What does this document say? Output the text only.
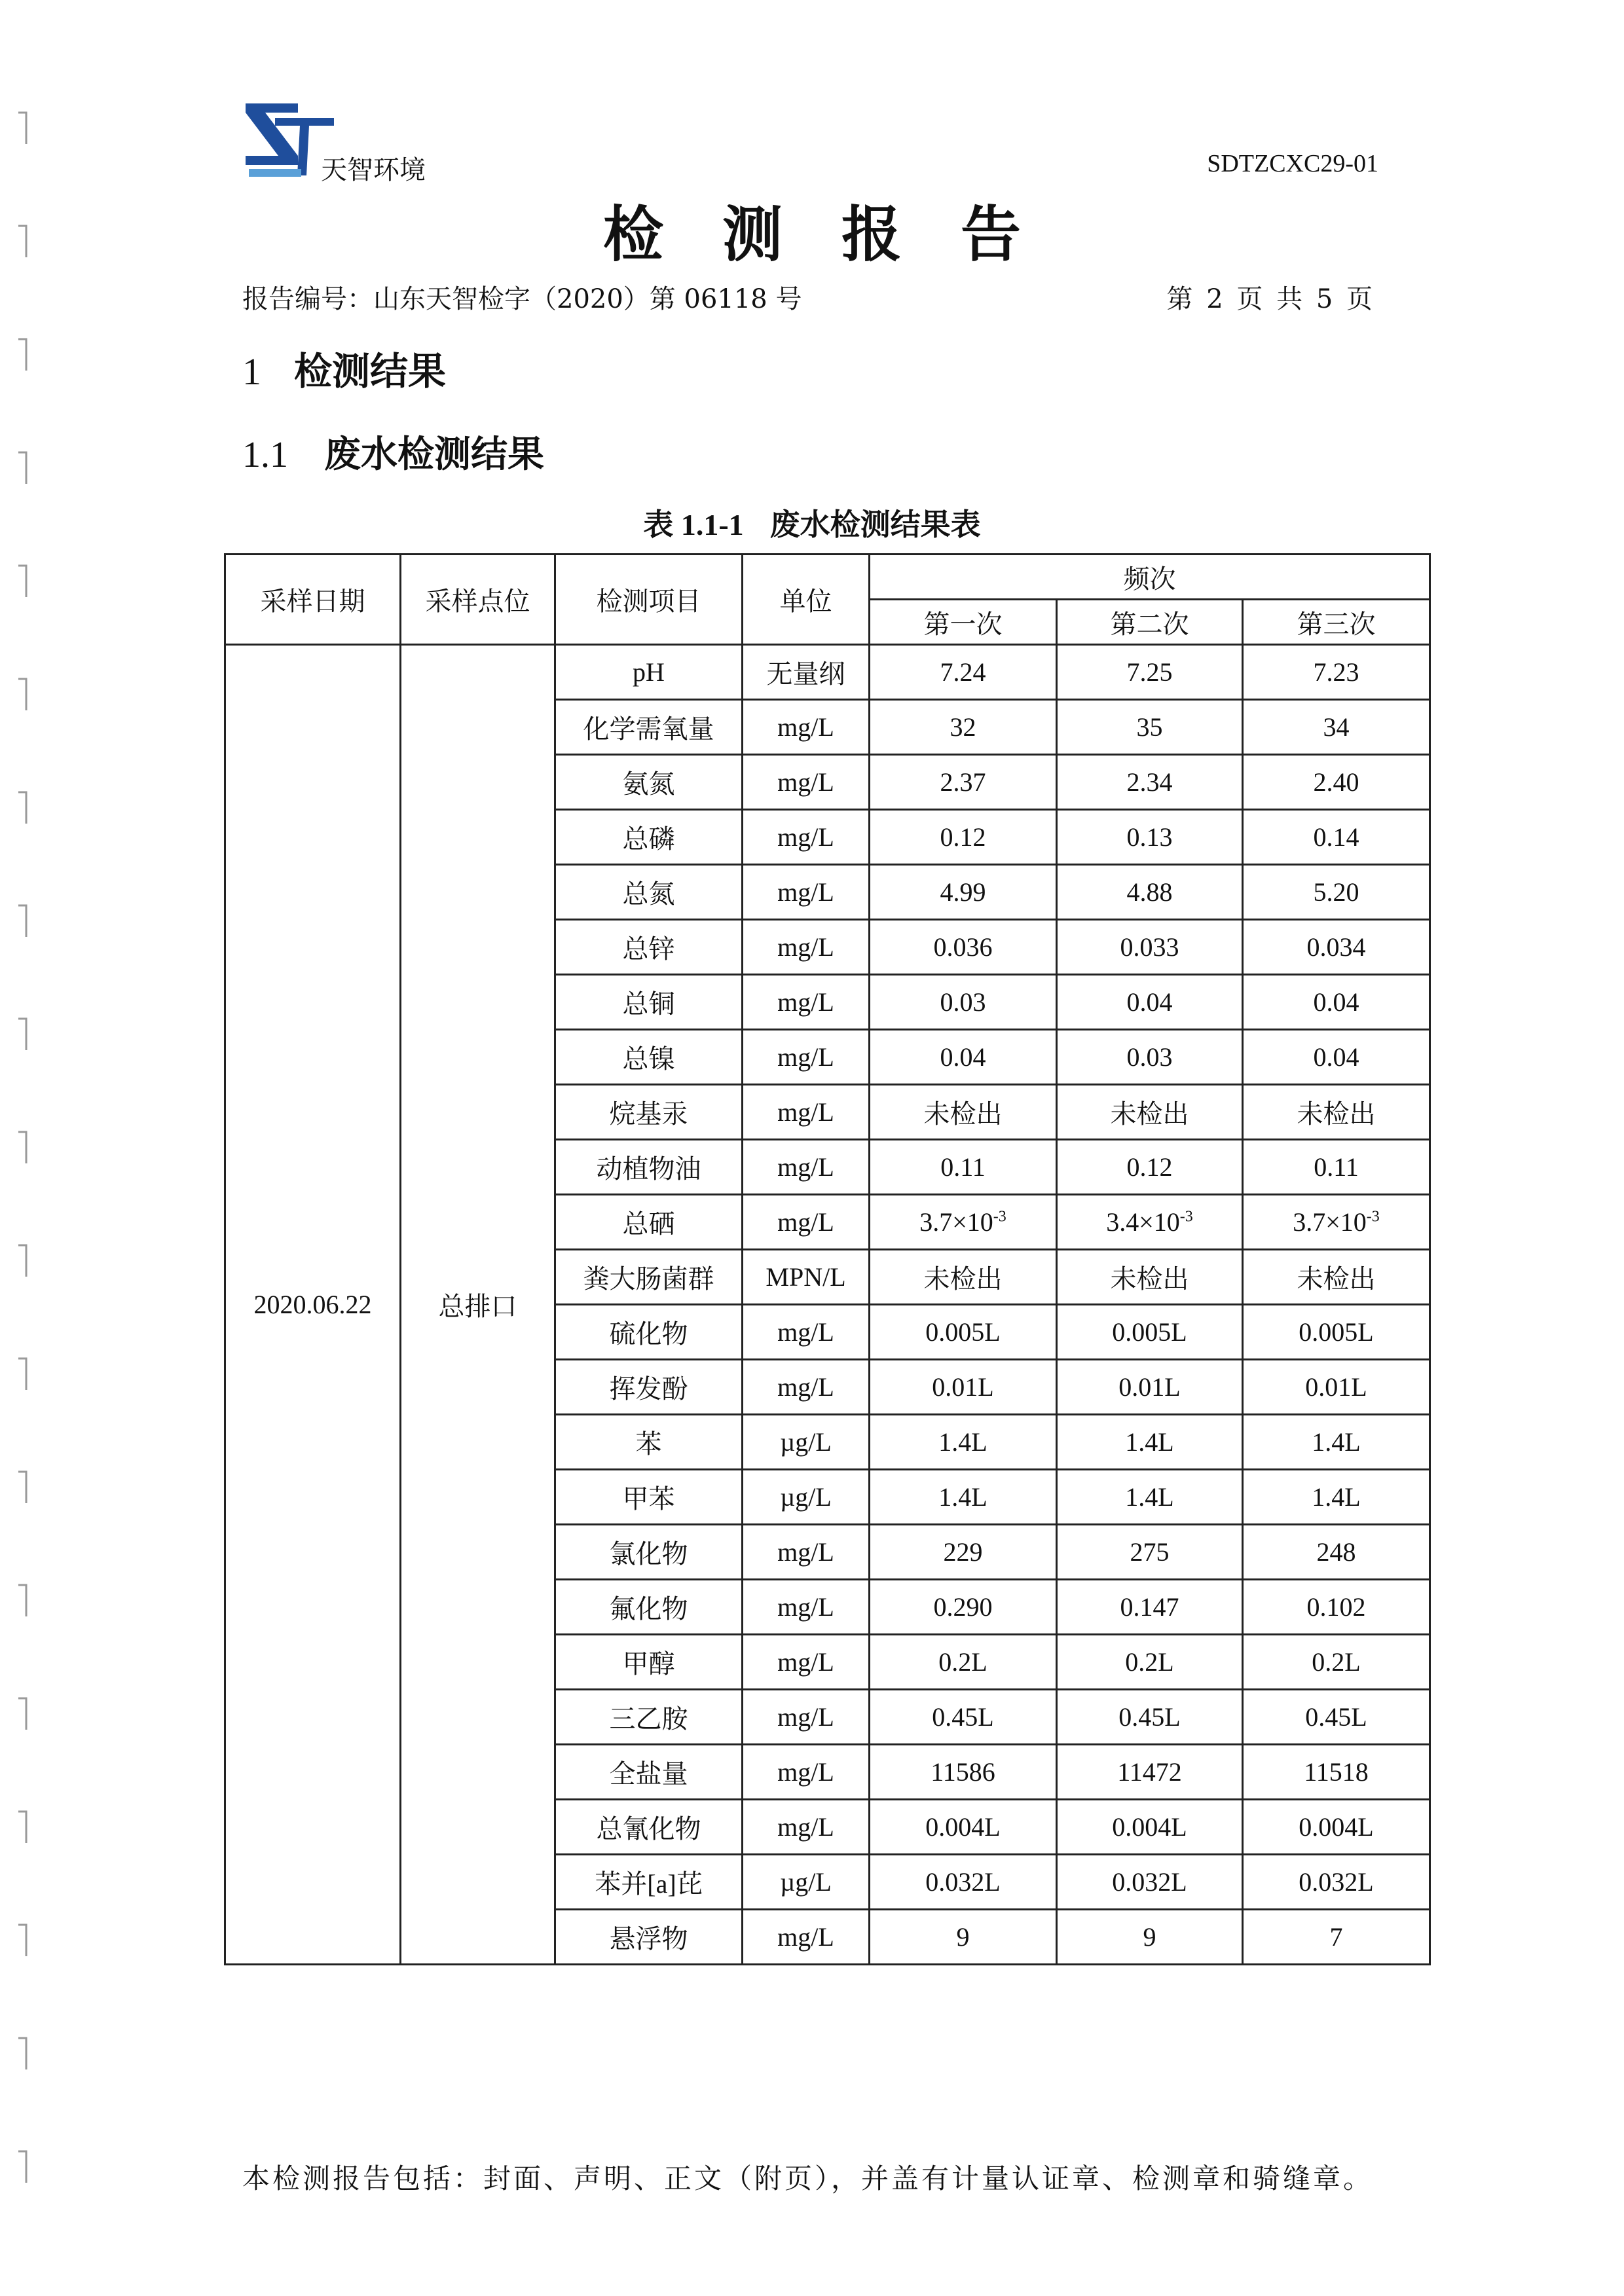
天智环境	SDTZCXC29-01
检测报告
报告编号：山东天智检字（2020）第 06118 号	第 2 页 共 5 页
1 检测结果
1.1 废水检测结果
表 1.1-1 废水检测结果表
采样日期	采样点位	检测项目	单位	频次		
				第一次	第二次	第三次
2020.06.22	总排口	pH	无量纲	7.24	7.25	7.23
		化学需氧量	mg/L	32	35	34
		氨氮	mg/L	2.37	2.34	2.40
		总磷	mg/L	0.12	0.13	0.14
		总氮	mg/L	4.99	4.88	5.20
		总锌	mg/L	0.036	0.033	0.034
		总铜	mg/L	0.03	0.04	0.04
		总镍	mg/L	0.04	0.03	0.04
		烷基汞	mg/L	未检出	未检出	未检出
		动植物油	mg/L	0.11	0.12	0.11
		总硒	mg/L	$3.7\times 10^{-3}$	$3.4\times 10^{-3}$	$3.7\times 10^{-3}$
		粪大肠菌群	MPN/L	未检出	未检出	未检出
		硫化物	mg/L	0.005L	0.005L	0.005L
		挥发酚	mg/L	0.01L	0.01L	0.01L
		苯	µg/L	1.4L	1.4L	1.4L
		甲苯	µg/L	1.4L	1.4L	1.4L
		氯化物	mg/L	229	275	248
		氟化物	mg/L	0.290	0.147	0.102
		甲醇	mg/L	0.2L	0.2L	0.2L
		三乙胺	mg/L	0.45L	0.45L	0.45L
		全盐量	mg/L	11586	11472	11518
		总氰化物	mg/L	0.004L	0.004L	0.004L
		苯并[a]芘	µg/L	0.032L	0.032L	0.032L
		悬浮物	mg/L	9	9	7
本检测报告包括：封面、声明、正文（附页），并盖有计量认证章、检测章和骑缝章。
